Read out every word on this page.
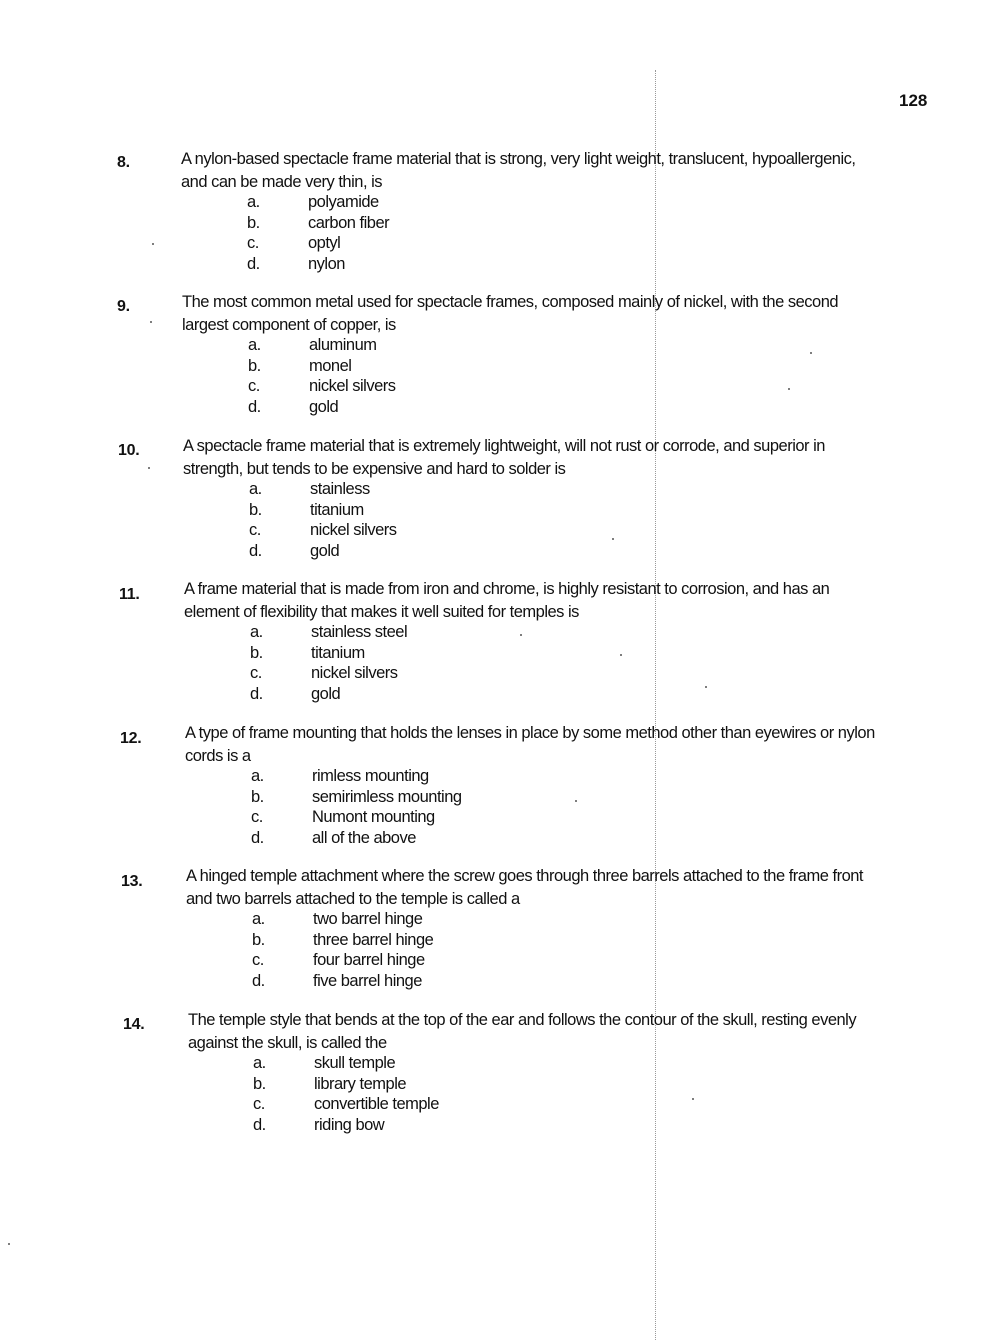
128
8.	A nylon-based spectacle frame material that is strong, very light weight, translucent, hypoallergenic, and can be made very thin, is
a.	polyamide
b.	carbon fiber
c.	optyl
d.	nylon
9.	The most common metal used for spectacle frames, composed mainly of nickel, with the second largest component of copper, is
a.	aluminum
b.	monel
c.	nickel silvers
d.	gold
10.	A spectacle frame material that is extremely lightweight, will not rust or corrode, and superior in strength, but tends to be expensive and hard to solder is
a.	stainless
b.	titanium
c.	nickel silvers
d.	gold
11.	A frame material that is made from iron and chrome, is highly resistant to corrosion, and has an element of flexibility that makes it well suited for temples is
a.	stainless steel
b.	titanium
c.	nickel silvers
d.	gold
12.	A type of frame mounting that holds the lenses in place by some method other than eyewires or nylon cords is a
a.	rimless mounting
b.	semirimless mounting
c.	Numont mounting
d.	all of the above
13.	A hinged temple attachment where the screw goes through three barrels attached to the frame front and two barrels attached to the temple is called a
a.	two barrel hinge
b.	three barrel hinge
c.	four barrel hinge
d.	five barrel hinge
14.	The temple style that bends at the top of the ear and follows the contour of the skull, resting evenly against the skull, is called the
a.	skull temple
b.	library temple
c.	convertible temple
d.	riding bow
